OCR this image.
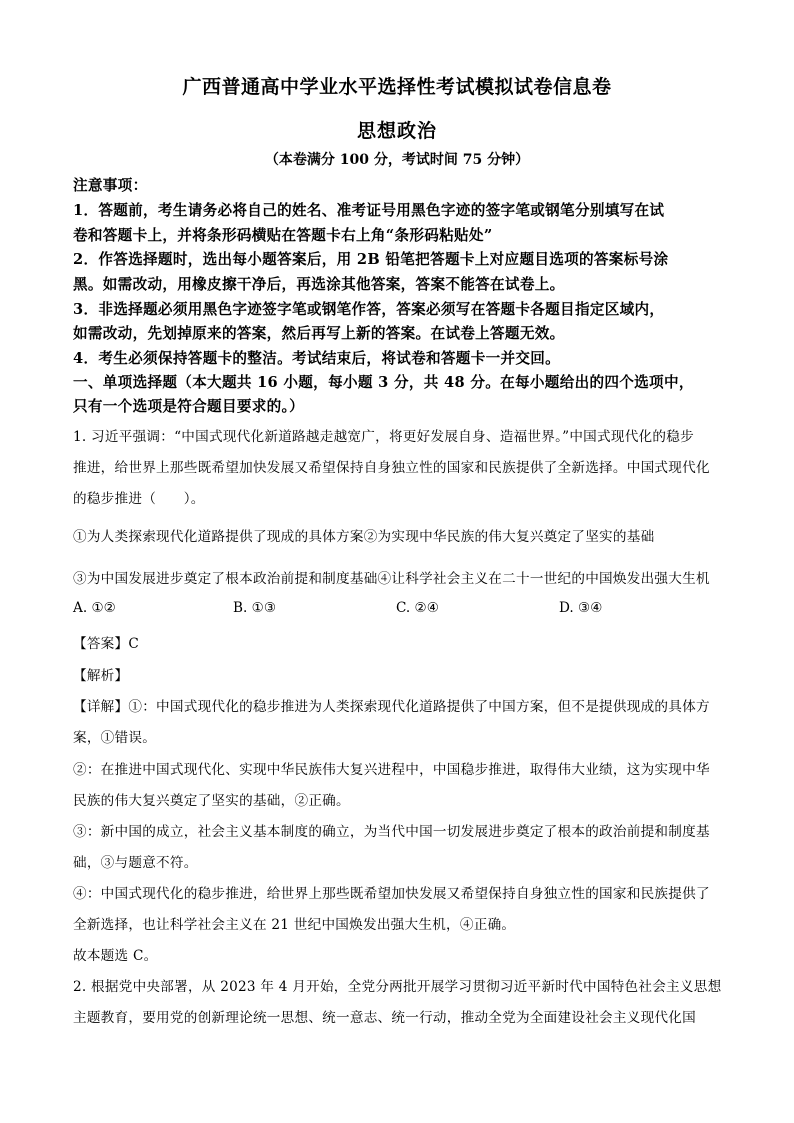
广西普通高中学业水平选择性考试模拟试卷信息卷
思想政治
（本卷满分 100 分，考试时间 75 分钟）
注意事项：
1．答题前，考生请务必将自己的姓名、准考证号用黑色字迹的签字笔或钢笔分别填写在试
卷和答题卡上，并将条形码横贴在答题卡右上角“条形码粘贴处”
2．作答选择题时，选出每小题答案后，用 2B 铅笔把答题卡上对应题目选项的答案标号涂
黑。如需改动，用橡皮擦干净后，再选涂其他答案，答案不能答在试卷上。
3．非选择题必须用黑色字迹签字笔或钢笔作答，答案必须写在答题卡各题目指定区域内，
如需改动，先划掉原来的答案，然后再写上新的答案。在试卷上答题无效。
4．考生必须保持答题卡的整洁。考试结束后，将试卷和答题卡一并交回。
一、单项选择题（本大题共 16 小题，每小题 3 分，共 48 分。在每小题给出的四个选项中，
只有一个选项是符合题目要求的。）
1. 习近平强调：“中国式现代化新道路越走越宽广，将更好发展自身、造福世界。”中国式现代化的稳步
推进，给世界上那些既希望加快发展又希望保持自身独立性的国家和民族提供了全新选择。中国式现代化
的稳步推进（　　）。
①为人类探索现代化道路提供了现成的具体方案②为实现中华民族的伟大复兴奠定了坚实的基础
③为中国发展进步奠定了根本政治前提和制度基础④让科学社会主义在二十一世纪的中国焕发出强大生机
A. ①②	B. ①③	C. ②④	D. ③④
【答案】C
【解析】
【详解】①：中国式现代化的稳步推进为人类探索现代化道路提供了中国方案，但不是提供现成的具体方
案，①错误。
②：在推进中国式现代化、实现中华民族伟大复兴进程中，中国稳步推进，取得伟大业绩，这为实现中华
民族的伟大复兴奠定了坚实的基础，②正确。
③：新中国的成立，社会主义基本制度的确立，为当代中国一切发展进步奠定了根本的政治前提和制度基
础，③与题意不符。
④：中国式现代化的稳步推进，给世界上那些既希望加快发展又希望保持自身独立性的国家和民族提供了
全新选择，也让科学社会主义在 21 世纪中国焕发出强大生机，④正确。
故本题选 C。
2. 根据党中央部署，从 2023 年 4 月开始，全党分两批开展学习贯彻习近平新时代中国特色社会主义思想
主题教育，要用党的创新理论统一思想、统一意志、统一行动，推动全党为全面建设社会主义现代化国
